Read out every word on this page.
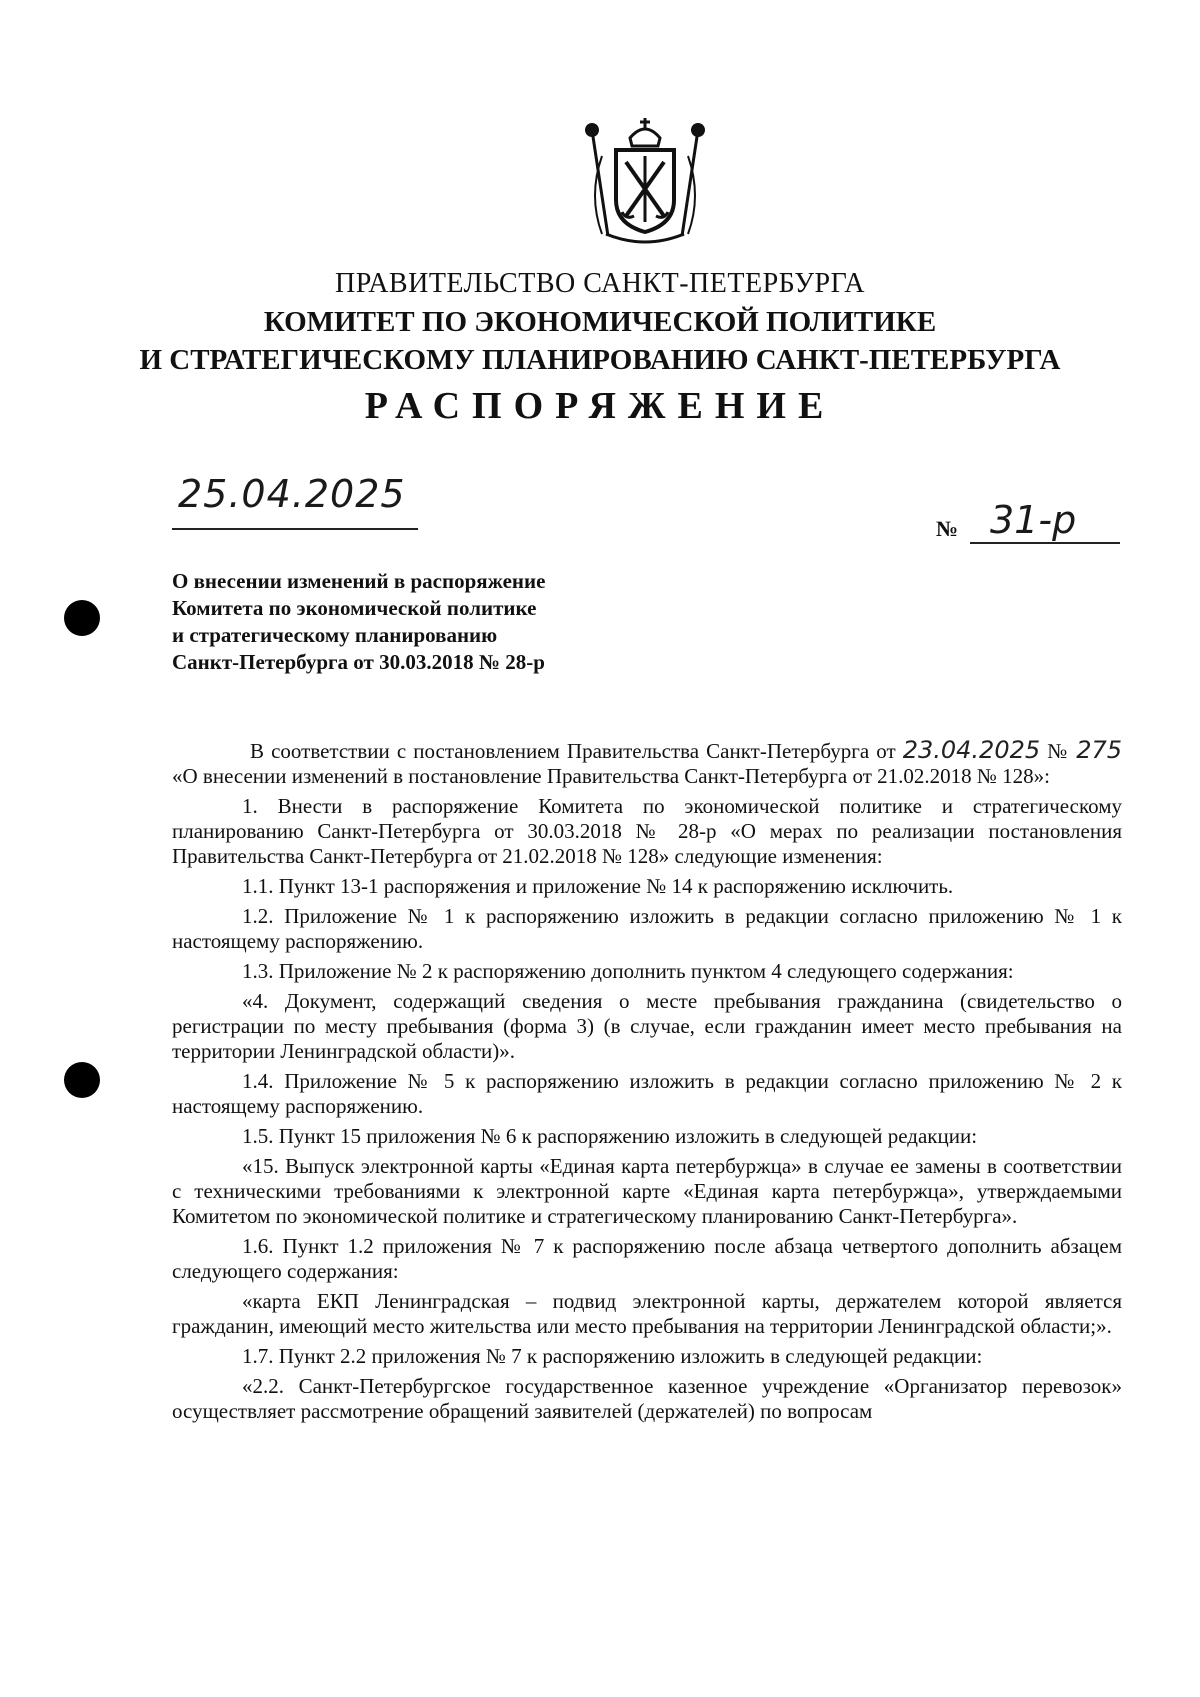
ПРАВИТЕЛЬСТВО САНКТ-ПЕТЕРБУРГА
КОМИТЕТ ПО ЭКОНОМИЧЕСКОЙ ПОЛИТИКЕ
И СТРАТЕГИЧЕСКОМУ ПЛАНИРОВАНИЮ САНКТ-ПЕТЕРБУРГА
РАСПОРЯЖЕНИЕ
25.04.2025
№ 31-р
О внесении изменений в распоряжение
Комитета по экономической политике
и стратегическому планированию
Санкт-Петербурга от 30.03.2018 № 28-р

В соответствии с постановлением Правительства Санкт-Петербурга от 23.04.2025 № 275 «О внесении изменений в постановление Правительства Санкт-Петербурга от 21.02.2018 № 128»:

1. Внести в распоряжение Комитета по экономической политике и стратегическому планированию Санкт-Петербурга от 30.03.2018 № 28-р «О мерах по реализации постановления Правительства Санкт-Петербурга от 21.02.2018 № 128» следующие изменения:

1.1. Пункт 13-1 распоряжения и приложение № 14 к распоряжению исключить.

1.2. Приложение № 1 к распоряжению изложить в редакции согласно приложению № 1 к настоящему распоряжению.

1.3. Приложение № 2 к распоряжению дополнить пунктом 4 следующего содержания:

«4. Документ, содержащий сведения о месте пребывания гражданина (свидетельство о регистрации по месту пребывания (форма 3) (в случае, если гражданин имеет место пребывания на территории Ленинградской области)».

1.4. Приложение № 5 к распоряжению изложить в редакции согласно приложению № 2 к настоящему распоряжению.

1.5. Пункт 15 приложения № 6 к распоряжению изложить в следующей редакции:

«15. Выпуск электронной карты «Единая карта петербуржца» в случае ее замены в соответствии с техническими требованиями к электронной карте «Единая карта петербуржца», утверждаемыми Комитетом по экономической политике и стратегическому планированию Санкт-Петербурга».

1.6. Пункт 1.2 приложения № 7 к распоряжению после абзаца четвертого дополнить абзацем следующего содержания:

«карта ЕКП Ленинградская – подвид электронной карты, держателем которой является гражданин, имеющий место жительства или место пребывания на территории Ленинградской области;».

1.7. Пункт 2.2 приложения № 7 к распоряжению изложить в следующей редакции:

«2.2. Санкт-Петербургское государственное казенное учреждение «Организатор перевозок» осуществляет рассмотрение обращений заявителей (держателей) по вопросам
